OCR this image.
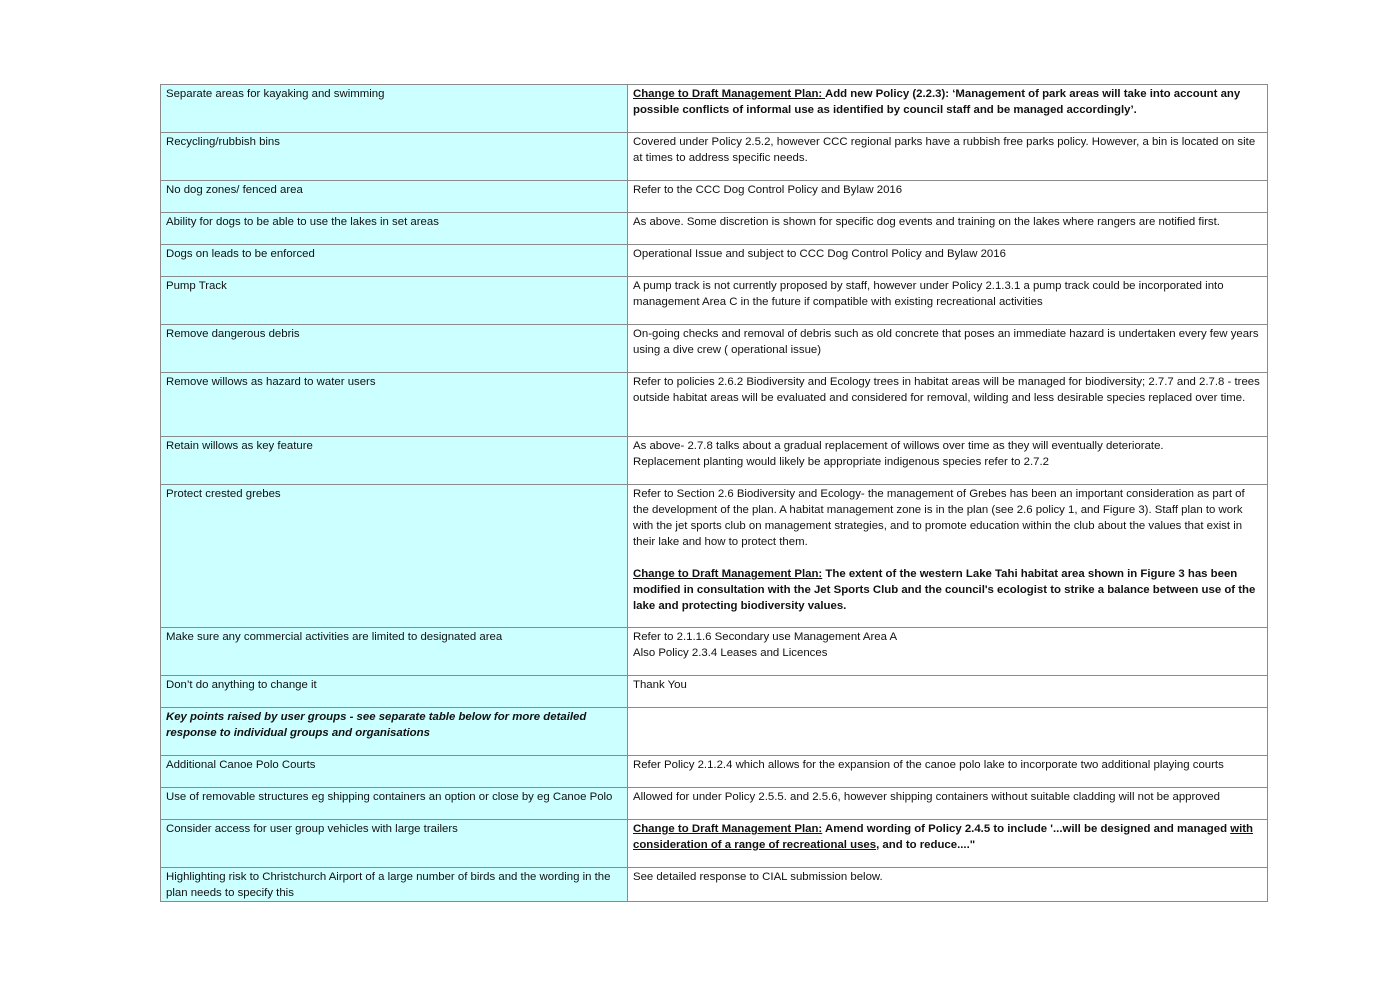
Separate areas for kayaking and swimming	Change to Draft Management Plan: Add new Policy (2.2.3): ‘Management of park areas will take into account any possible conflicts of informal use as identified by council staff and be managed accordingly’.
Recycling/rubbish bins	Covered under Policy 2.5.2, however CCC regional parks have a rubbish free parks policy. However, a bin is located on site at times to address specific needs.
No dog zones/ fenced area	Refer to the CCC Dog Control Policy and Bylaw 2016
Ability for dogs to be able to use the lakes in set areas	As above. Some discretion is shown for specific dog events and training on the lakes where rangers are notified first.
Dogs on leads to be enforced	Operational Issue and subject to CCC Dog Control Policy and Bylaw 2016
Pump Track	A pump track is not currently proposed by staff, however under Policy 2.1.3.1 a pump track could be incorporated into management Area C in the future if compatible with existing recreational activities
Remove dangerous debris	On-going checks and removal of debris such as old concrete that poses an immediate hazard is undertaken every few years using a dive crew ( operational issue)
Remove willows as hazard to water users	Refer to policies 2.6.2 Biodiversity and Ecology trees in habitat areas will be managed for biodiversity; 2.7.7 and 2.7.8 - trees outside habitat areas will be evaluated and considered for removal, wilding and less desirable species replaced over time.
Retain willows as key feature	As above- 2.7.8 talks about a gradual replacement of willows over time as they will eventually deteriorate.
Replacement planting would likely be appropriate indigenous species refer to 2.7.2

Protect crested grebes	Refer to Section 2.6 Biodiversity and Ecology- the management of Grebes has been an important consideration as part of the development of the plan. A habitat management zone is in the plan (see 2.6 policy 1, and Figure 3). Staff plan to work with the jet sports club on management strategies, and to promote education within the club about the values that exist in their lake and how to protect them.
Change to Draft Management Plan: The extent of the western Lake Tahi habitat area shown in Figure 3 has been modified in consultation with the Jet Sports Club and the council's ecologist to strike a balance between use of the lake and protecting biodiversity values.

Make sure any commercial activities are limited to designated area	Refer to 2.1.1.6 Secondary use Management Area A
Also Policy 2.3.4 Leases and Licences

Don’t do anything to change it	Thank You
Key points raised by user groups - see separate table below for more detailed response to individual groups and organisations	
Additional Canoe Polo Courts	Refer Policy 2.1.2.4 which allows for the expansion of the canoe polo lake to incorporate two additional playing courts
Use of removable structures eg shipping containers an option or close by eg Canoe Polo	Allowed for under Policy 2.5.5. and 2.5.6, however shipping containers without suitable cladding will not be approved
Consider access for user group vehicles with large trailers	Change to Draft Management Plan: Amend wording of Policy 2.4.5 to include '...will be designed and managed with consideration of a range of recreational uses, and to reduce...."
Highlighting risk to Christchurch Airport of a large number of birds and the wording in the plan needs to specify this	See detailed response to CIAL submission below.
